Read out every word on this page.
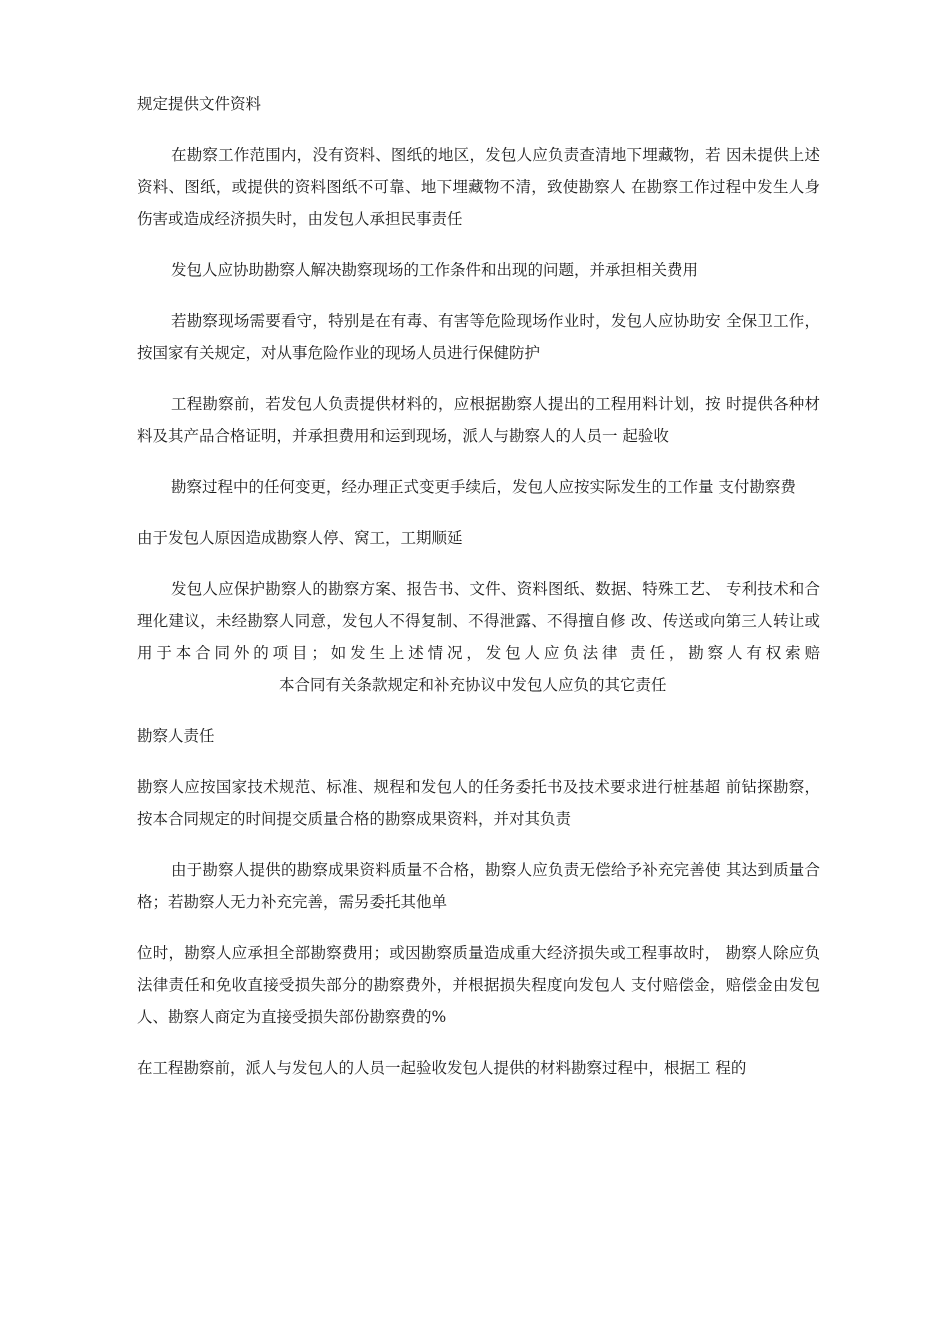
规定提供文件资料

在勘察工作范围内，没有资料、图纸的地区，发包人应负责查清地下埋藏物，若 因未提供上述资料、图纸，或提供的资料图纸不可靠、地下埋藏物不清，致使勘察人 在勘察工作过程中发生人身伤害或造成经济损失时，由发包人承担民事责任

发包人应协助勘察人解决勘察现场的工作条件和出现的问题，并承担相关费用

若勘察现场需要看守，特别是在有毒、有害等危险现场作业时，发包人应协助安 全保卫工作，按国家有关规定，对从事危险作业的现场人员进行保健防护

工程勘察前，若发包人负责提供材料的，应根据勘察人提出的工程用料计划，按 时提供各种材料及其产品合格证明，并承担费用和运到现场，派人与勘察人的人员一 起验收

勘察过程中的任何变更，经办理正式变更手续后，发包人应按实际发生的工作量 支付勘察费

由于发包人原因造成勘察人停、窝工，工期顺延

发包人应保护勘察人的勘察方案、报告书、文件、资料图纸、数据、特殊工艺、 专利技术和合理化建议，未经勘察人同意，发包人不得复制、不得泄露、不得擅自修 改、传送或向第三人转让或用于本合同外的项目；如发生上述情况，发包人应负法律 责任，勘察人有权索赔本合同有关条款规定和补充协议中发包人应负的其它责任

勘察人责任

勘察人应按国家技术规范、标准、规程和发包人的任务委托书及技术要求进行桩基超 前钻探勘察，按本合同规定的时间提交质量合格的勘察成果资料，并对其负责

由于勘察人提供的勘察成果资料质量不合格，勘察人应负责无偿给予补充完善使 其达到质量合格；若勘察人无力补充完善，需另委托其他单

位时，勘察人应承担全部勘察费用；或因勘察质量造成重大经济损失或工程事故时， 勘察人除应负法律责任和免收直接受损失部分的勘察费外，并根据损失程度向发包人 支付赔偿金，赔偿金由发包人、勘察人商定为直接受损失部份勘察费的%

在工程勘察前，派人与发包人的人员一起验收发包人提供的材料勘察过程中，根据工 程的
